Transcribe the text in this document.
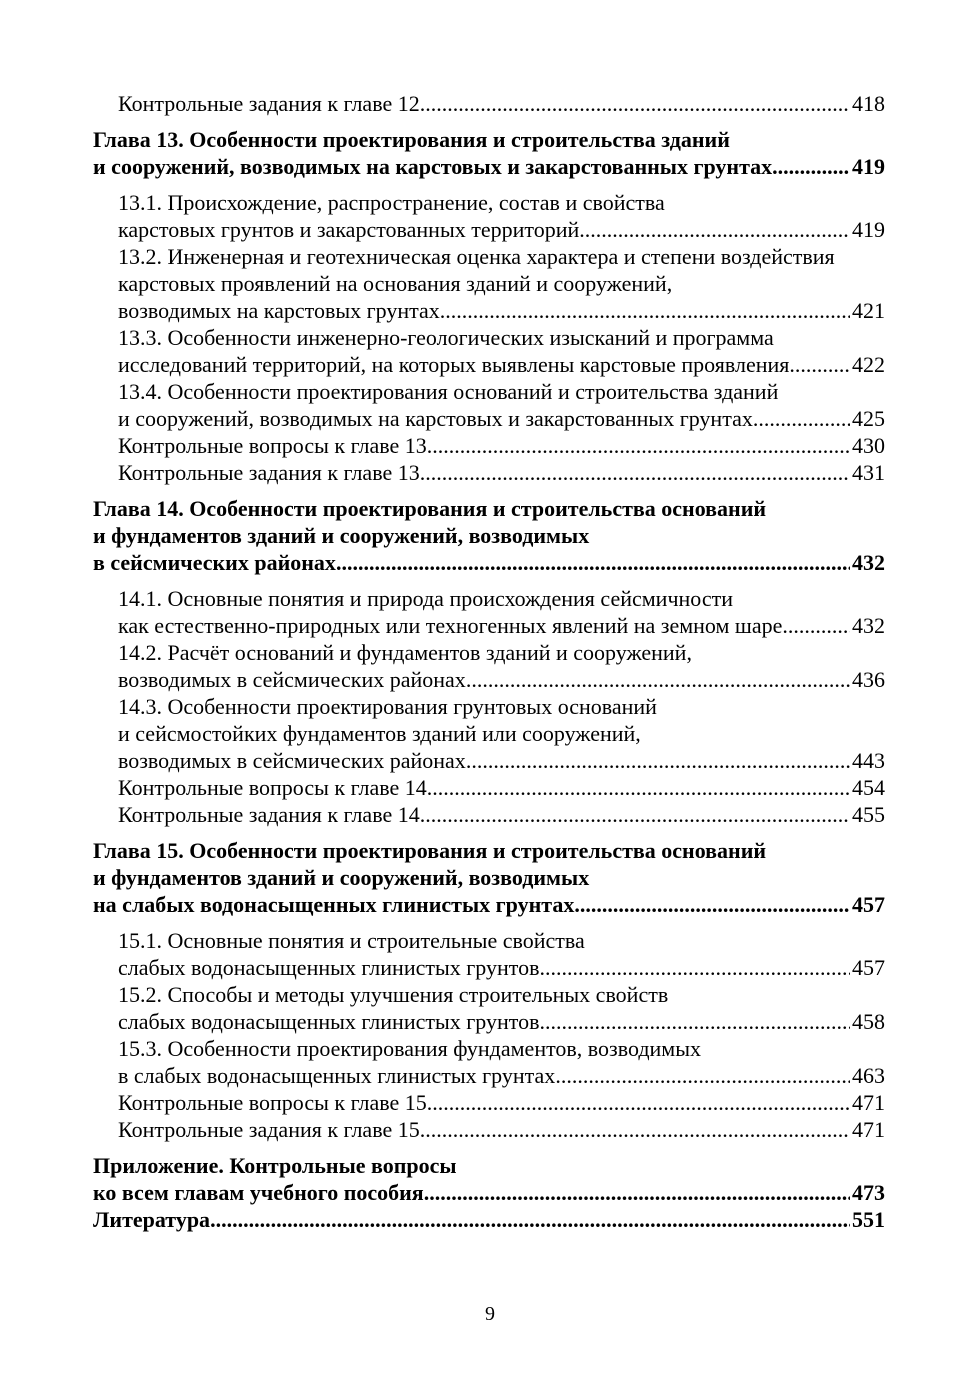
Контрольные задания к главе 12 .....	418
Глава 13. Особенности проектирования и строительства зданий
и сооружений, возводимых на карстовых и закарстованных грунтах .....	419
13.1. Происхождение, распространение, состав и свойства
карстовых грунтов и закарстованных территорий .....	419
13.2. Инженерная и геотехническая оценка характера и степени воздействия
карстовых проявлений на основания зданий и сооружений,
возводимых на карстовых грунтах .....	421
13.3. Особенности инженерно-геологических изысканий и программа
исследований территорий, на которых выявлены карстовые проявления .....	422
13.4. Особенности проектирования оснований и строительства зданий
и сооружений, возводимых на карстовых и закарстованных грунтах .....	425
Контрольные вопросы к главе 13 .....	430
Контрольные задания к главе 13 .....	431
Глава 14. Особенности проектирования и строительства оснований
и фундаментов зданий и сооружений, возводимых
в сейсмических районах .....	432
14.1. Основные понятия и природа происхождения сейсмичности
как естественно-природных или техногенных явлений на земном шаре .....	432
14.2. Расчёт оснований и фундаментов зданий и сооружений,
возводимых в сейсмических районах .....	436
14.3. Особенности проектирования грунтовых оснований
и сейсмостойких фундаментов зданий или сооружений,
возводимых в сейсмических районах .....	443
Контрольные вопросы к главе 14 .....	454
Контрольные задания к главе 14 .....	455
Глава 15. Особенности проектирования и строительства оснований
и фундаментов зданий и сооружений, возводимых
на слабых водонасыщенных глинистых грунтах .....	457
15.1. Основные понятия и строительные свойства
слабых водонасыщенных глинистых грунтов .....	457
15.2. Способы и методы улучшения строительных свойств
слабых водонасыщенных глинистых грунтов .....	458
15.3. Особенности проектирования фундаментов, возводимых
в слабых водонасыщенных глинистых грунтах .....	463
Контрольные вопросы к главе 15 .....	471
Контрольные задания к главе 15 .....	471
Приложение. Контрольные вопросы
ко всем главам учебного пособия .....	473
Литература .....	551
9
